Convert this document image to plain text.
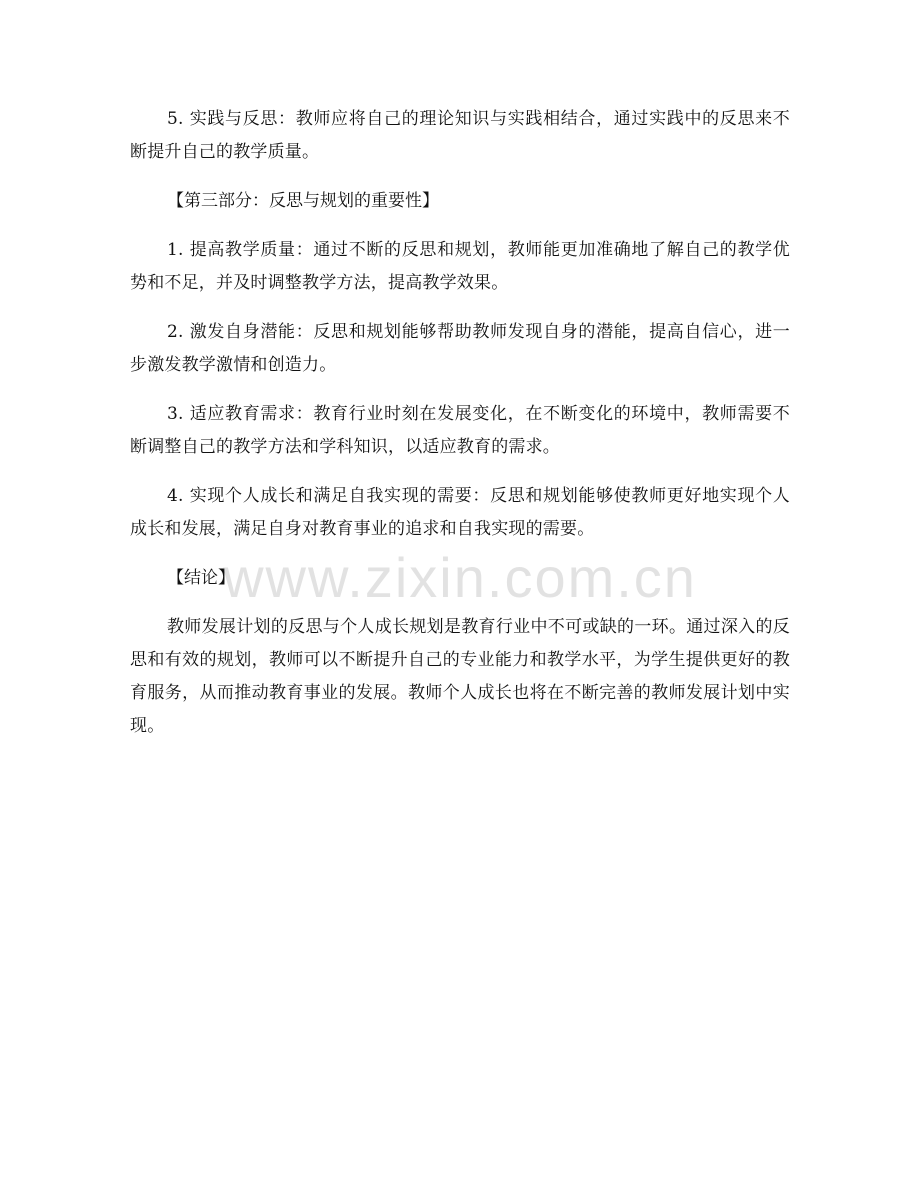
5. 实践与反思：教师应将自己的理论知识与实践相结合，通过实践中的反思来不断提升自己的教学质量。

【第三部分：反思与规划的重要性】

1. 提高教学质量：通过不断的反思和规划，教师能更加准确地了解自己的教学优势和不足，并及时调整教学方法，提高教学效果。

2. 激发自身潜能：反思和规划能够帮助教师发现自身的潜能，提高自信心，进一步激发教学激情和创造力。

3. 适应教育需求：教育行业时刻在发展变化，在不断变化的环境中，教师需要不断调整自己的教学方法和学科知识，以适应教育的需求。

4. 实现个人成长和满足自我实现的需要：反思和规划能够使教师更好地实现个人成长和发展，满足自身对教育事业的追求和自我实现的需要。

【结论】

教师发展计划的反思与个人成长规划是教育行业中不可或缺的一环。通过深入的反思和有效的规划，教师可以不断提升自己的专业能力和教学水平，为学生提供更好的教育服务，从而推动教育事业的发展。教师个人成长也将在不断完善的教师发展计划中实现。

www.zixin.com.cn
